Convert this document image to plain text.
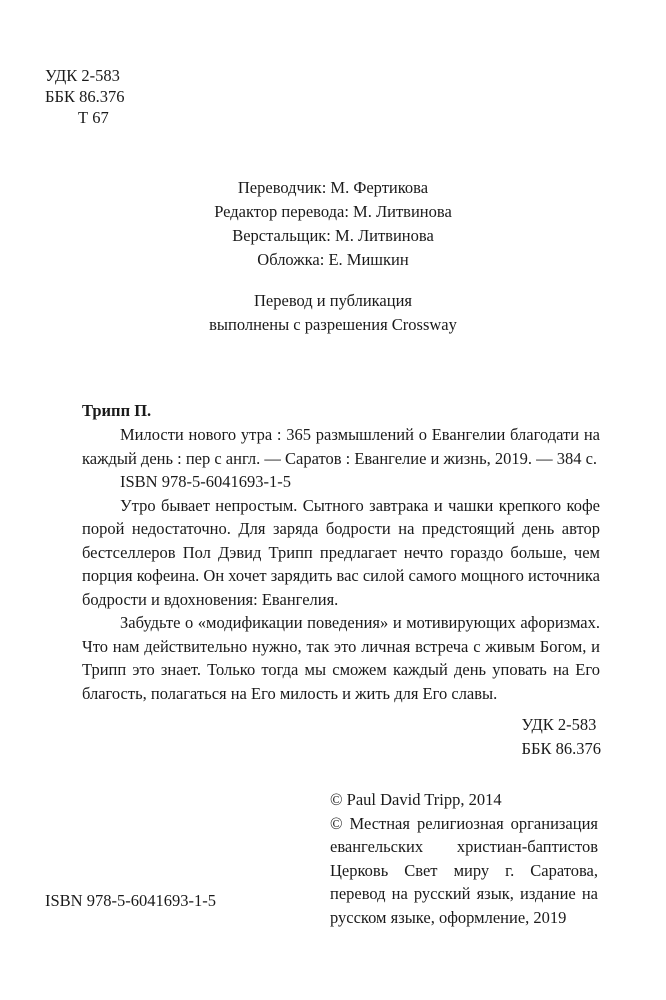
УДК 2-583
ББК 86.376
Т 67
Переводчик: М. Фертикова
Редактор перевода: М. Литвинова
Верстальщик: М. Литвинова
Обложка: Е. Мишкин
Перевод и публикация
выполнены с разрешения Crossway
Трипп П.

Милости нового утра : 365 размышлений о Евангелии благодати на каждый день : пер с англ. — Саратов : Евангелие и жизнь, 2019. — 384 с.

ISBN 978-5-6041693-1-5

Утро бывает непростым. Сытного завтрака и чашки крепкого кофе порой недостаточно. Для заряда бодрости на предстоящий день автор бестселлеров Пол Дэвид Трипп предлагает нечто гораздо больше, чем порция кофеина. Он хочет зарядить вас силой самого мощного источника бодрости и вдохновения: Евангелия.

Забудьте о «модификации поведения» и мотивирующих афоризмах. Что нам действительно нужно, так это личная встреча с живым Богом, и Трипп это знает. Только тогда мы сможем каждый день уповать на Его благость, полагаться на Его милость и жить для Его славы.

УДК 2-583
ББК 86.376

© Paul David Tripp, 2014

© Местная религиозная организация евангельских христиан-баптистов Церковь Свет миру г. Саратова, перевод на русский язык, издание на русском языке, оформление, 2019

ISBN 978-5-6041693-1-5
